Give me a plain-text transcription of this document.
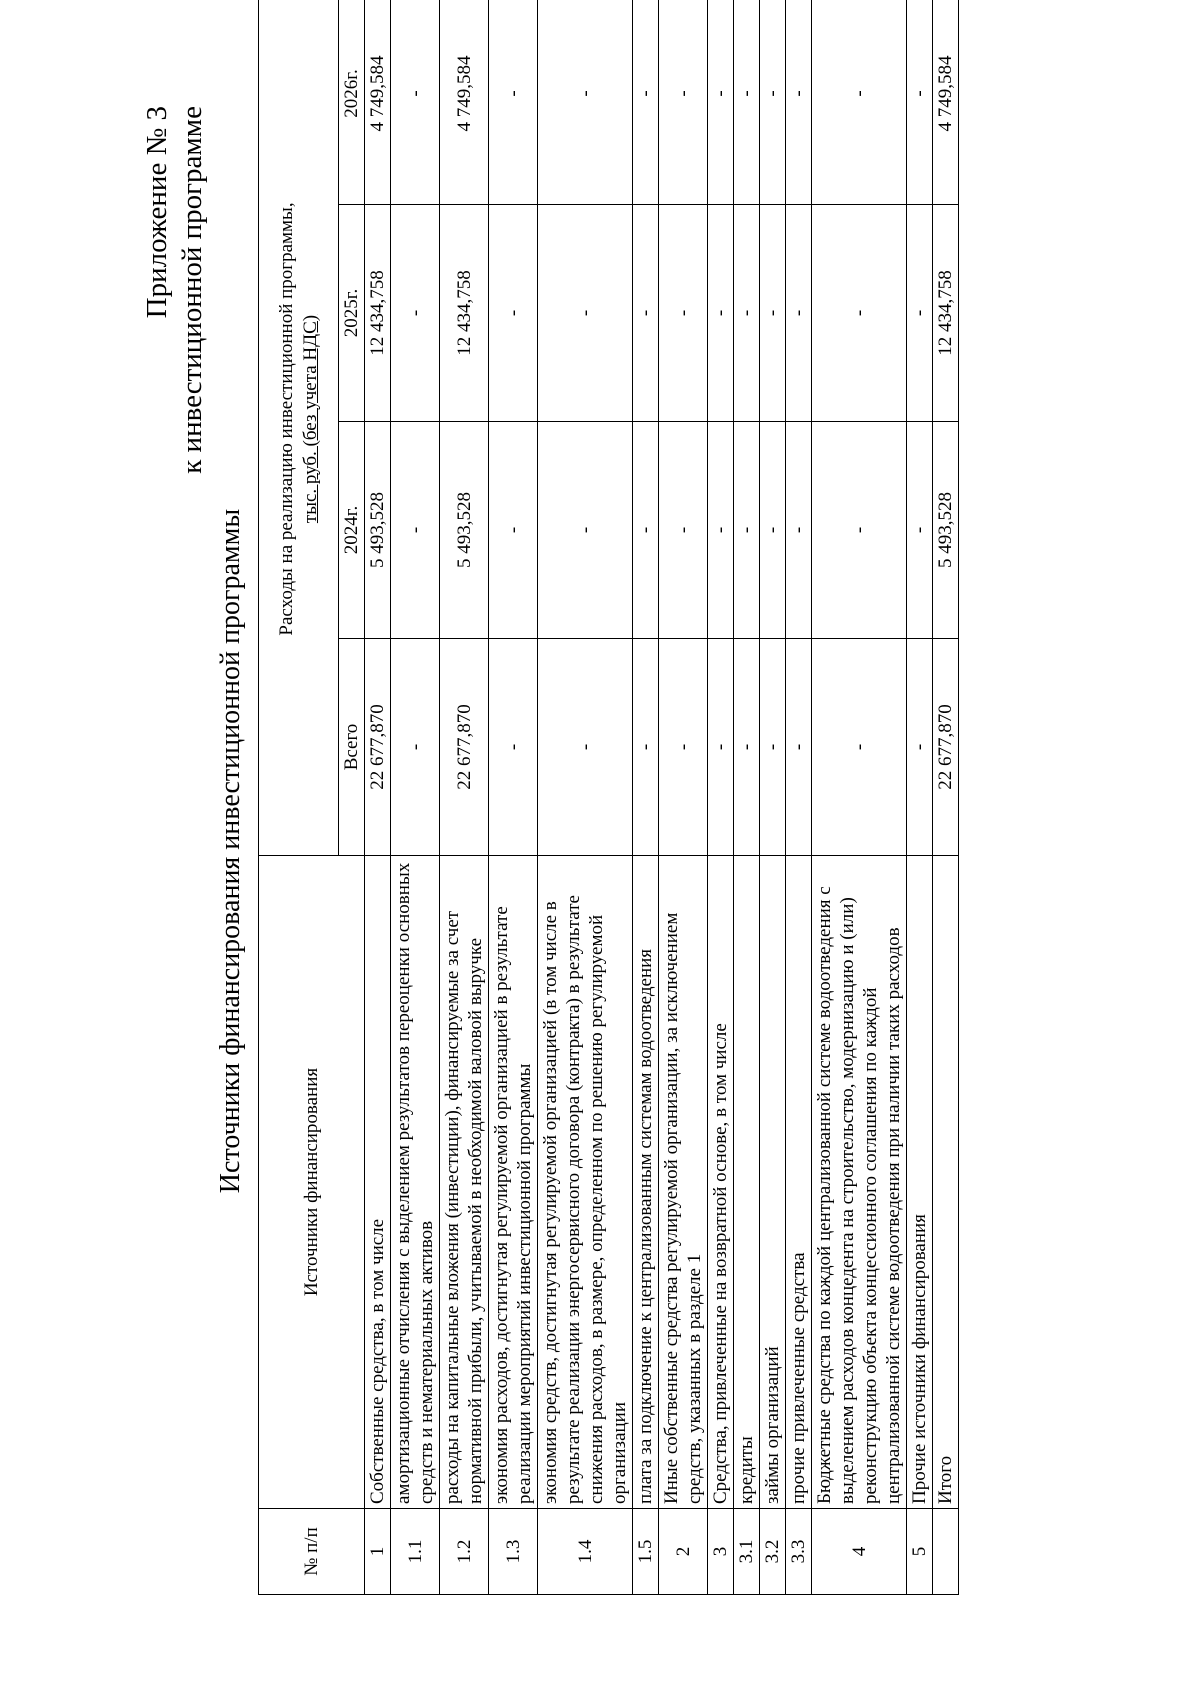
Приложение № 3 к инвестиционной программе
Источники финансирования инвестиционной программы
№ п/п	Источники финансирования	Расходы на реализацию инвестиционной программы, тыс. руб. (без учета НДС)			

		Всего	2024г.	2025г.	2026г.
1	Собственные средства, в том числе	22 677,870	5 493,528	12 434,758	4 749,584
1.1	амортизационные отчисления с выделением результатов переоценки основных средств и нематериальных активов	-	-	-	-
1.2	расходы на капитальные вложения (инвестиции), финансируемые за счет нормативной прибыли, учитываемой в необходимой валовой выручке	22 677,870	5 493,528	12 434,758	4 749,584
1.3	экономия расходов, достигнутая регулируемой организацией в результате реализации мероприятий инвестиционной программы	-	-	-	-
1.4	экономия средств, достигнутая регулируемой организацией (в том числе в результате реализации энергосервисного договора (контракта) в результате снижения расходов, в размере, определенном по решению регулируемой организации	-	-	-	-
1.5	плата за подключение к централизованным системам водоотведения	-	-	-	-
2	Иные собственные средства регулируемой организации, за исключением средств, указанных в разделе 1	-	-	-	-
3	Средства, привлеченные на возвратной основе, в том числе	-	-	-	-
3.1	кредиты	-	-	-	-
3.2	займы организаций	-	-	-	-
3.3	прочие привлеченные средства	-	-	-	-
4	Бюджетные средства по каждой централизованной системе водоотведения с выделением расходов концедента на строительство, модернизацию и (или) реконструкцию объекта концессионного соглашения по каждой централизованной системе водоотведения при наличии таких расходов	-	-	-	-
5	Прочие источники финансирования	-	-	-	-
	Итого	22 677,870	5 493,528	12 434,758	4 749,584
